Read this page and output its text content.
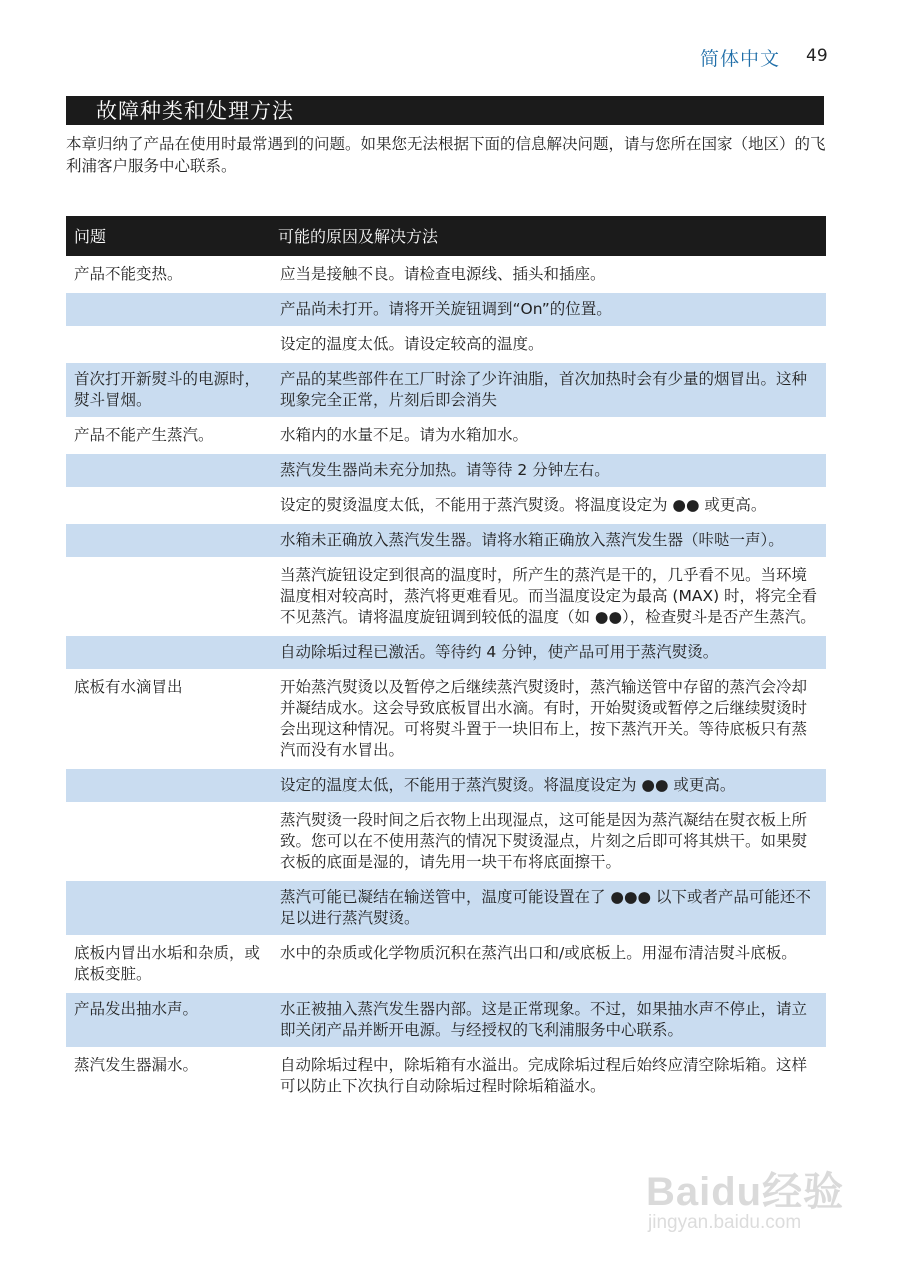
简体中文 49
故障种类和处理方法
本章归纳了产品在使用时最常遇到的问题。如果您无法根据下面的信息解决问题，请与您所在国家（地区）的飞利浦客户服务中心联系。
问题	可能的原因及解决方法
产品不能变热。	应当是接触不良。请检查电源线、插头和插座。
	产品尚未打开。请将开关旋钮调到“On”的位置。
	设定的温度太低。请设定较高的温度。
首次打开新熨斗的电源时，熨斗冒烟。	产品的某些部件在工厂时涂了少许油脂，首次加热时会有少量的烟冒出。这种现象完全正常，片刻后即会消失
产品不能产生蒸汽。	水箱内的水量不足。请为水箱加水。
	蒸汽发生器尚未充分加热。请等待 2 分钟左右。
	设定的熨烫温度太低，不能用于蒸汽熨烫。将温度设定为 ●● 或更高。
	水箱未正确放入蒸汽发生器。请将水箱正确放入蒸汽发生器（咔哒一声）。
	当蒸汽旋钮设定到很高的温度时，所产生的蒸汽是干的，几乎看不见。当环境温度相对较高时，蒸汽将更难看见。而当温度设定为最高 (MAX) 时，将完全看不见蒸汽。请将温度旋钮调到较低的温度（如 ●●），检查熨斗是否产生蒸汽。
	自动除垢过程已激活。等待约 4 分钟，使产品可用于蒸汽熨烫。
底板有水滴冒出	开始蒸汽熨烫以及暂停之后继续蒸汽熨烫时，蒸汽输送管中存留的蒸汽会冷却并凝结成水。这会导致底板冒出水滴。有时，开始熨烫或暂停之后继续熨烫时会出现这种情况。可将熨斗置于一块旧布上，按下蒸汽开关。等待底板只有蒸汽而没有水冒出。
	设定的温度太低，不能用于蒸汽熨烫。将温度设定为 ●● 或更高。
	蒸汽熨烫一段时间之后衣物上出现湿点，这可能是因为蒸汽凝结在熨衣板上所致。您可以在不使用蒸汽的情况下熨烫湿点，片刻之后即可将其烘干。如果熨衣板的底面是湿的，请先用一块干布将底面擦干。
	蒸汽可能已凝结在输送管中，温度可能设置在了 ●●● 以下或者产品可能还不足以进行蒸汽熨烫。
底板内冒出水垢和杂质，或底板变脏。	水中的杂质或化学物质沉积在蒸汽出口和/或底板上。用湿布清洁熨斗底板。
产品发出抽水声。	水正被抽入蒸汽发生器内部。这是正常现象。不过，如果抽水声不停止，请立即关闭产品并断开电源。与经授权的飞利浦服务中心联系。
蒸汽发生器漏水。	自动除垢过程中，除垢箱有水溢出。完成除垢过程后始终应清空除垢箱。这样可以防止下次执行自动除垢过程时除垢箱溢水。
Baidu经验
jingyan.baidu.com
